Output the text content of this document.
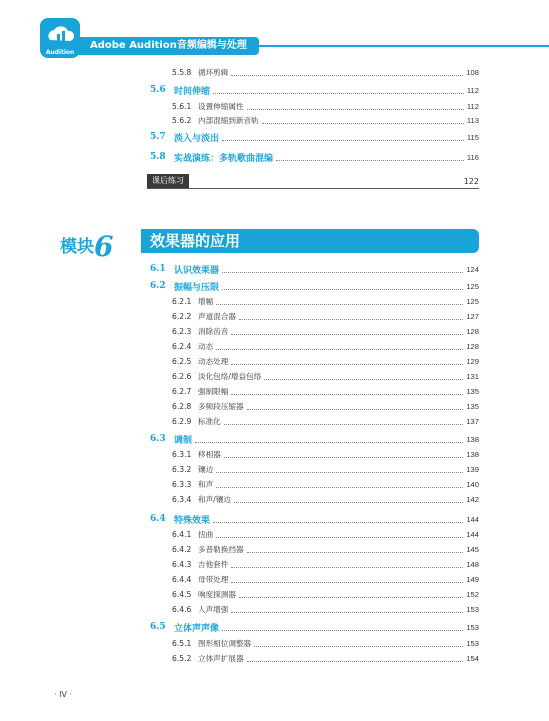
Adobe Audition音频编辑与处理
Audition
5.5.8 循环剪辑	108
5.6 时间伸缩	112
5.6.1 设置伸缩属性	112
5.6.2 内部混缩到新音轨	113
5.7 淡入与淡出	115
5.8 实战演练：多轨歌曲混编	116
课后练习	122
模块6 效果器的应用
6.1 认识效果器	124
6.2 振幅与压限	125
6.2.1 增幅	125
6.2.2 声道混合器	127
6.2.3 消除齿音	128
6.2.4 动态	128
6.2.5 动态处理	129
6.2.6 淡化包络/增益包络	131
6.2.7 强制限幅	135
6.2.8 多频段压缩器	135
6.2.9 标准化	137
6.3 调制	138
6.3.1 移相器	138
6.3.2 镶边	139
6.3.3 和声	140
6.3.4 和声/镶边	142
6.4 特殊效果	144
6.4.1 扭曲	144
6.4.2 多普勒换挡器	145
6.4.3 吉他套件	148
6.4.4 母带处理	149
6.4.5 响度探测器	152
6.4.6 人声增强	153
6.5 立体声声像	153
6.5.1 图形相位调整器	153
6.5.2 立体声扩展器	154
· IV ·
